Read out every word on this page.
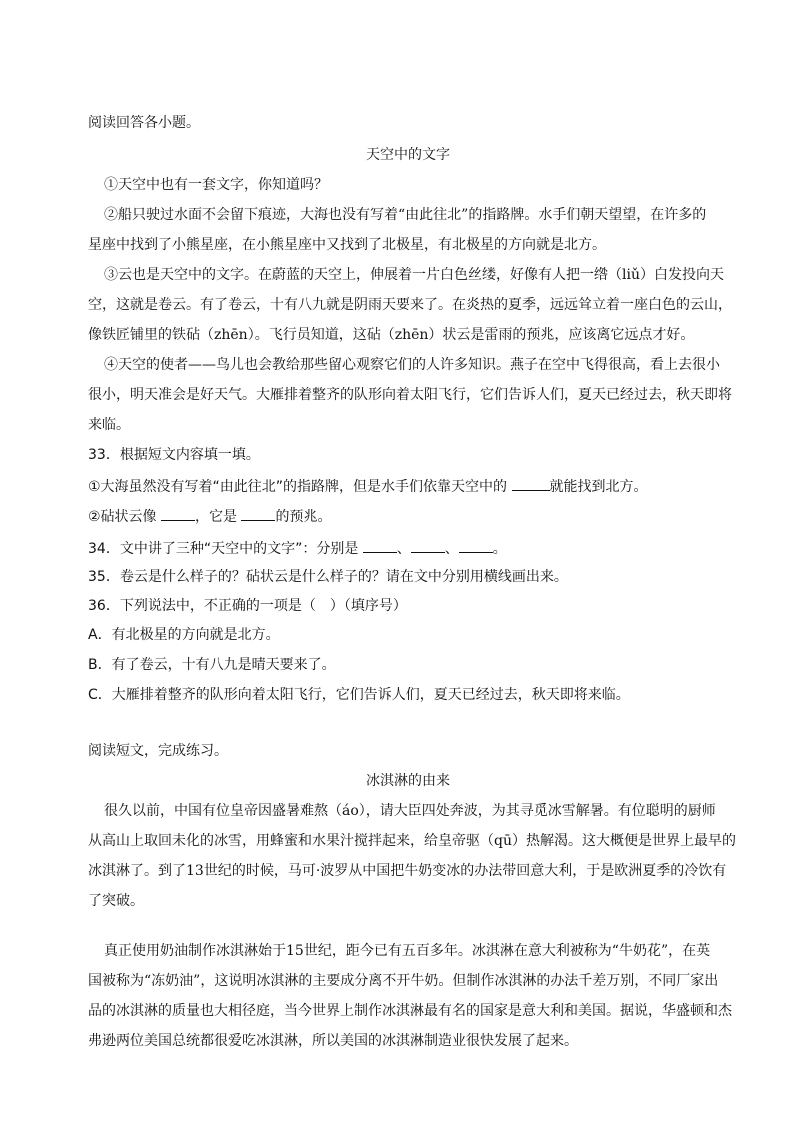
阅读回答各小题。
天空中的文字
①天空中也有一套文字，你知道吗？
②船只驶过水面不会留下痕迹，大海也没有写着“由此往北”的指路牌。水手们朝天望望，在许多的
星座中找到了小熊星座，在小熊星座中又找到了北极星，有北极星的方向就是北方。
③云也是天空中的文字。在蔚蓝的天空上，伸展着一片白色丝缕，好像有人把一绺（liǔ）白发投向天
空，这就是卷云。有了卷云，十有八九就是阴雨天要来了。在炎热的夏季，远远耸立着一座白色的云山，
像铁匠铺里的铁砧（zhēn）。飞行员知道，这砧（zhēn）状云是雷雨的预兆，应该离它远点才好。
④天空的使者——鸟儿也会教给那些留心观察它们的人许多知识。燕子在空中飞得很高，看上去很小
很小，明天准会是好天气。大雁排着整齐的队形向着太阳飞行，它们告诉人们，夏天已经过去，秋天即将
来临。
33．根据短文内容填一填。
①大海虽然没有写着“由此往北”的指路牌，但是水手们依靠天空中的	就能找到北方。
②砧状云像 ，它是 的预兆。
34．文中讲了三种“天空中的文字”：分别是 、 、 。
35．卷云是什么样子的？砧状云是什么样子的？请在文中分别用横线画出来。
36．下列说法中，不正确的一项是（　）（填序号）
A．有北极星的方向就是北方。
B．有了卷云，十有八九是晴天要来了。
C．大雁排着整齐的队形向着太阳飞行，它们告诉人们，夏天已经过去，秋天即将来临。
阅读短文，完成练习。
冰淇淋的由来
很久以前，中国有位皇帝因盛暑难熬（áo），请大臣四处奔波，为其寻觅冰雪解暑。有位聪明的厨师
从高山上取回未化的冰雪，用蜂蜜和水果汁搅拌起来，给皇帝驱（qū）热解渴。这大概便是世界上最早的
冰淇淋了。到了13世纪的时候，马可·波罗从中国把牛奶变冰的办法带回意大利，于是欧洲夏季的冷饮有
了突破。
真正使用奶油制作冰淇淋始于15世纪，距今已有五百多年。冰淇淋在意大利被称为“牛奶花”，在英
国被称为“冻奶油”，这说明冰淇淋的主要成分离不开牛奶。但制作冰淇淋的办法千差万别，不同厂家出
品的冰淇淋的质量也大相径庭，当今世界上制作冰淇淋最有名的国家是意大利和美国。据说，华盛顿和杰
弗逊两位美国总统都很爱吃冰淇淋，所以美国的冰淇淋制造业很快发展了起来。
